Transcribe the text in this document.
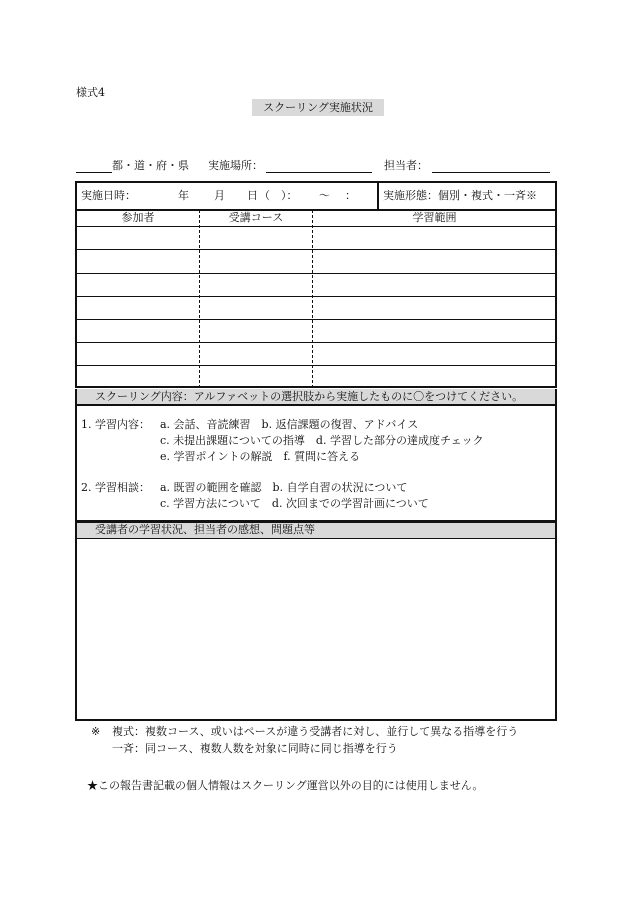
様式4
スクーリング実施状況
都・道・府・県 実施場所：	担当者：
実施日時：	年 月 日 （　）： ～ ： 実施形態：個別・複式・一斉※
参加者	受講コース	学習範囲
スクーリング内容：アルファベットの選択肢から実施したものに〇をつけてください。
1. 学習内容： a. 会話、音読練習　b. 返信課題の復習、アドバイス
c. 未提出課題についての指導　d. 学習した部分の達成度チェック
e. 学習ポイントの解説　f. 質問に答える
2. 学習相談： a. 既習の範囲を確認　b. 自学自習の状況について
c. 学習方法について　d. 次回までの学習計画について
受講者の学習状況、担当者の感想、問題点等
※ 複式：複数コース、或いはペースが違う受講者に対し、並行して異なる指導を行う
一斉：同コース、複数人数を対象に同時に同じ指導を行う
★この報告書記載の個人情報はスクーリング運営以外の目的には使用しません。
